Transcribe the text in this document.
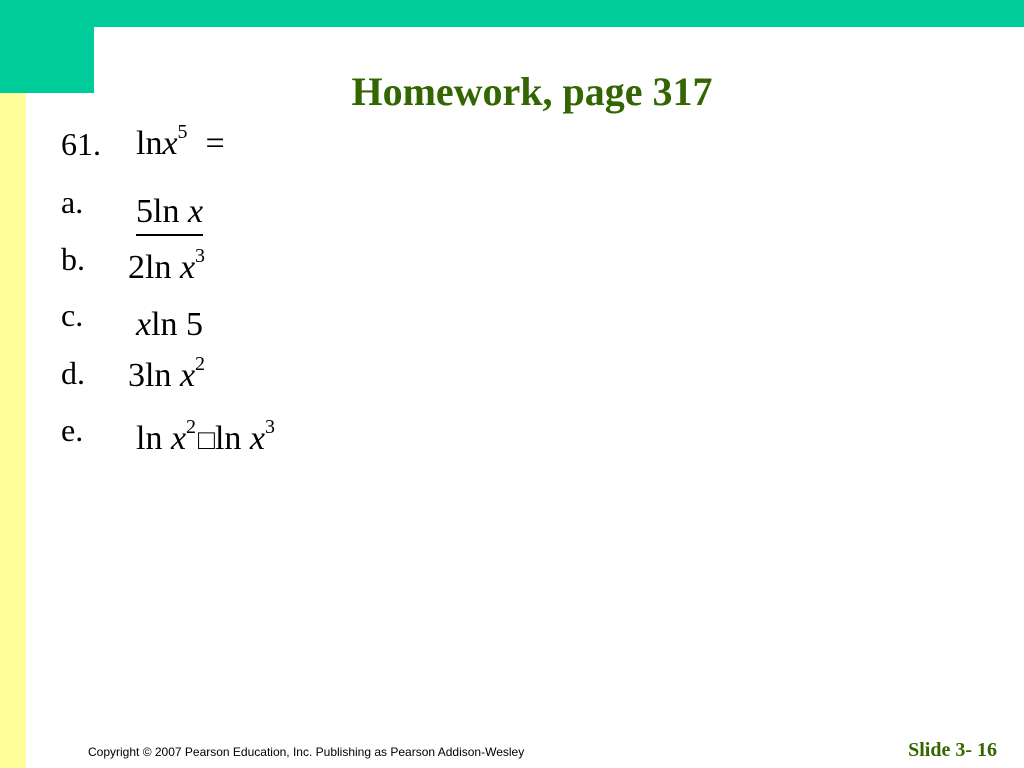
Homework, page 317
61. lnx$^5$ =
a. 5ln x
b. 2ln $x^3$
c. xln 5
d. 3ln $x^2$
e. $\ln x^2□\ln$ $x^3$
Copyright © 2007 Pearson Education, Inc. Publishing as Pearson Addison-Wesley	Slide 3- 16
